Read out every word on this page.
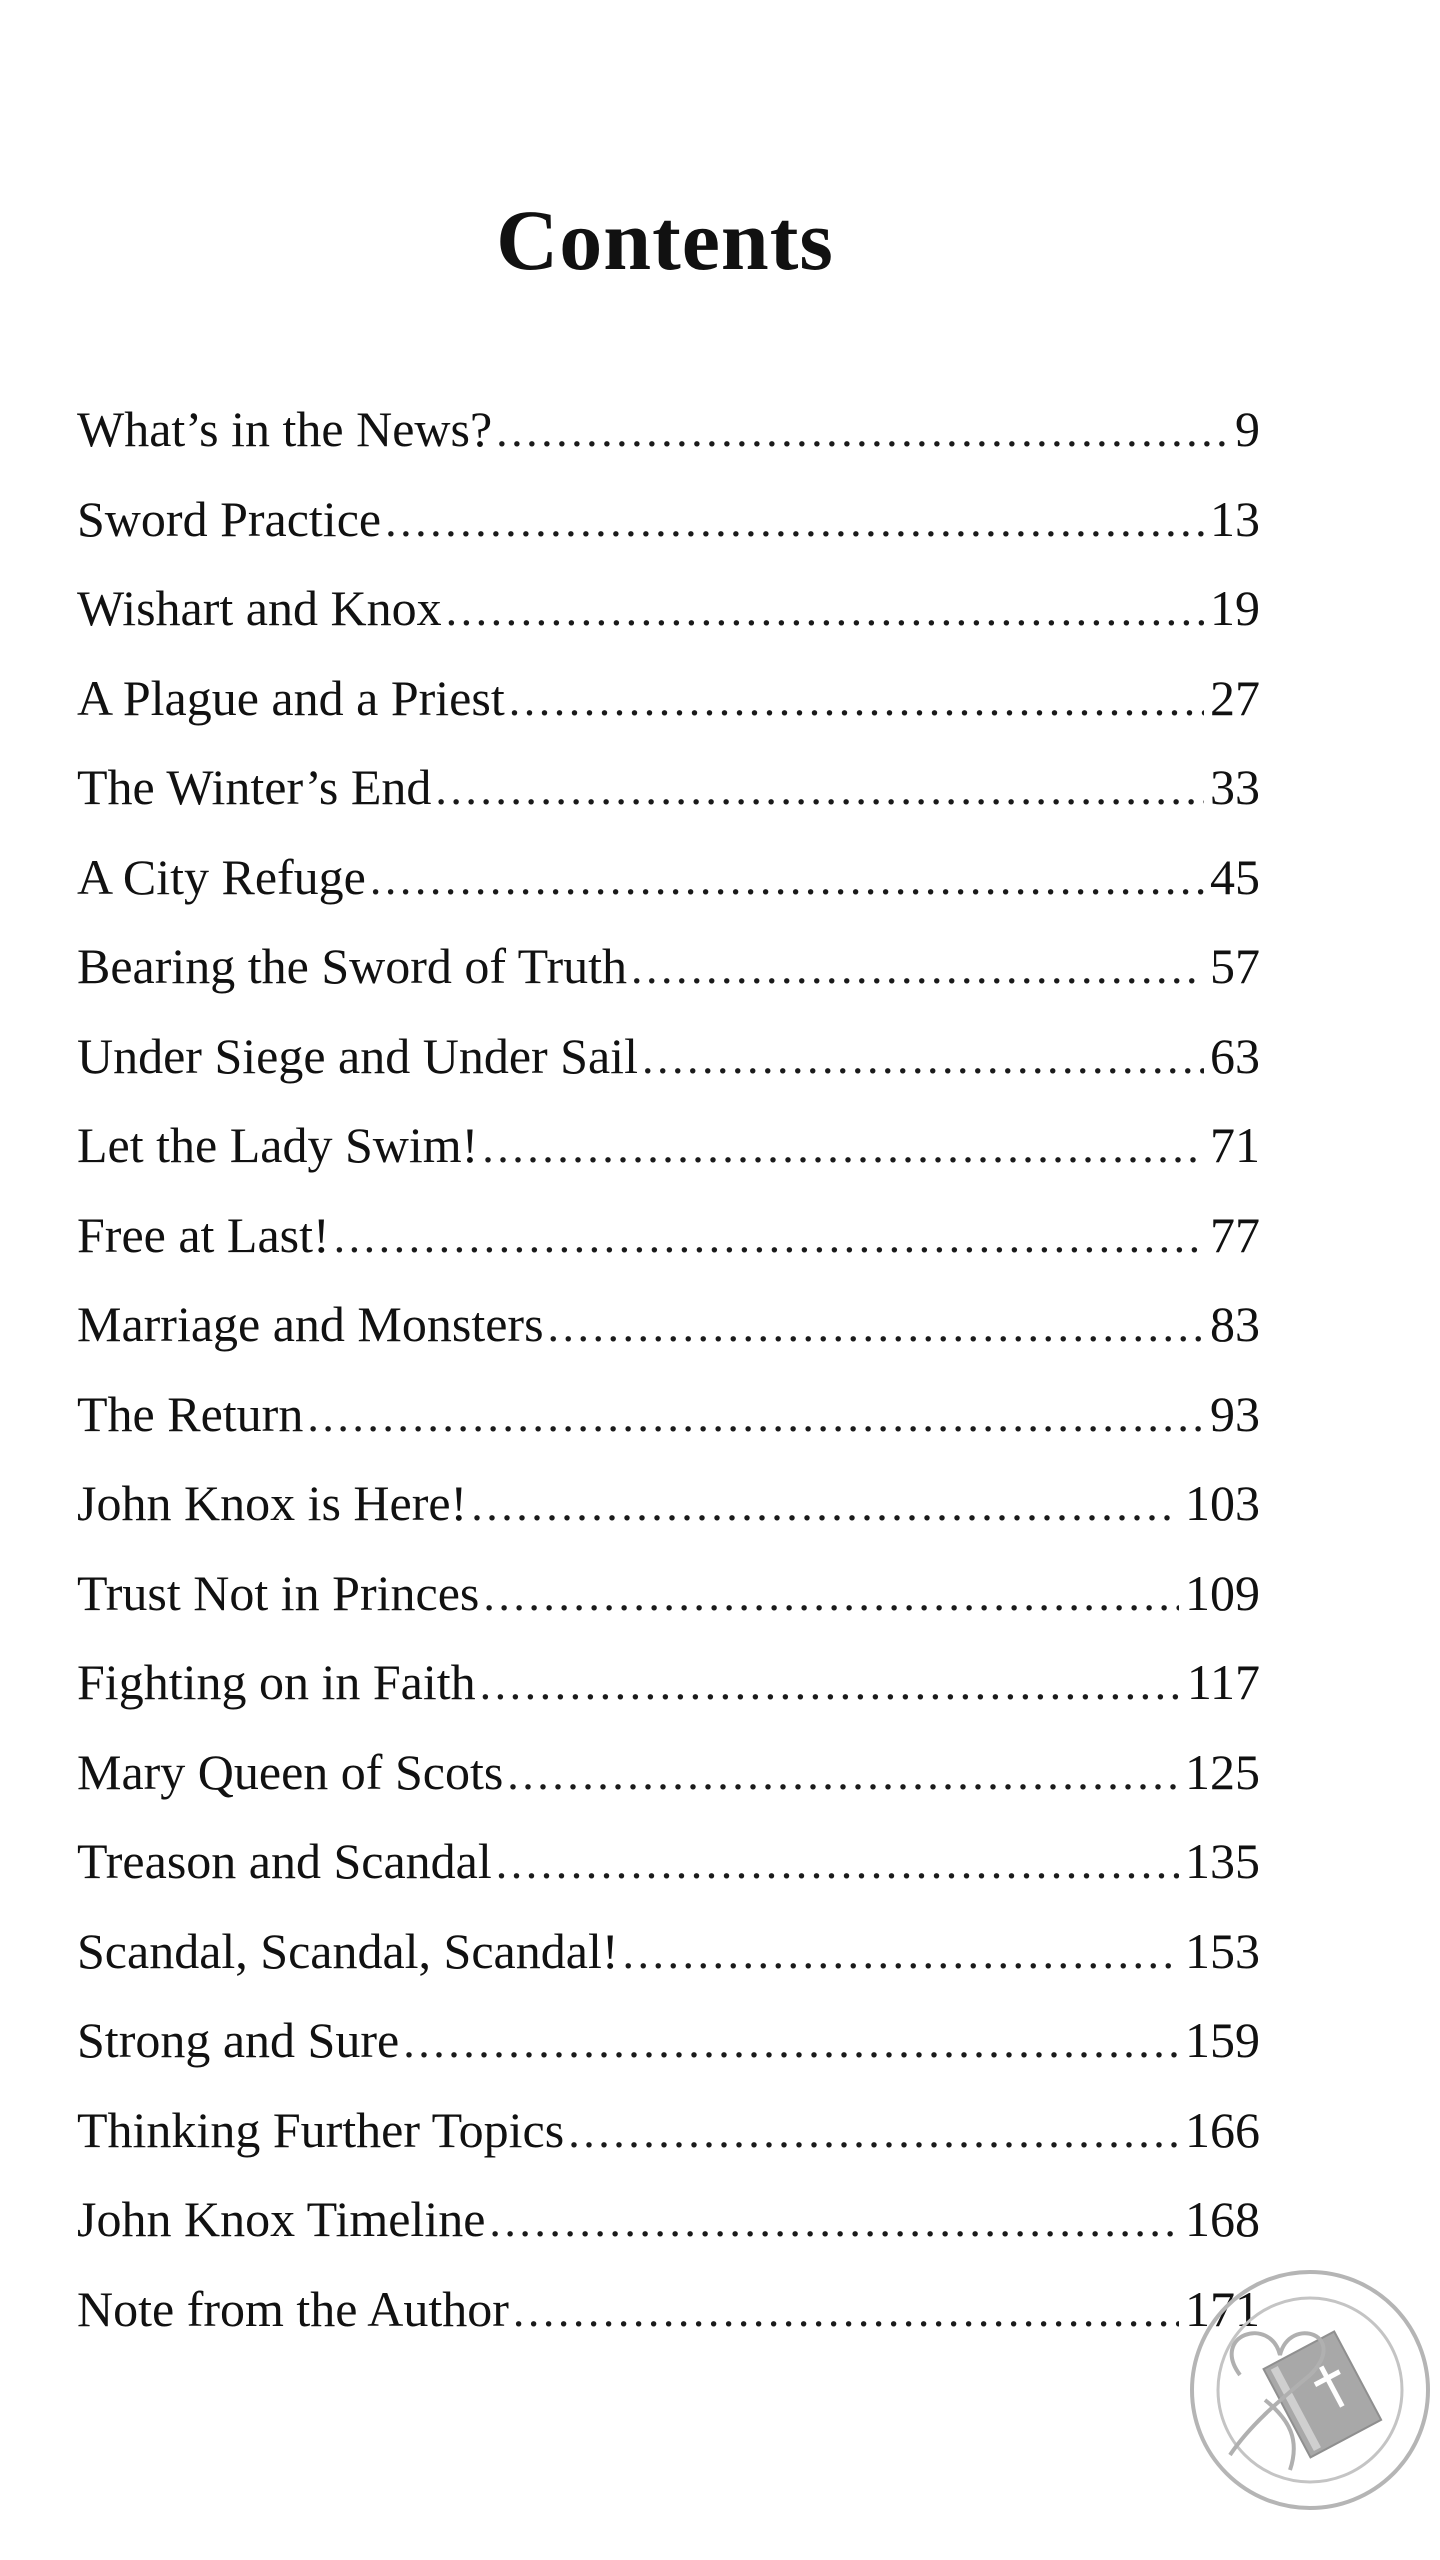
Contents
What’s in the News? . . .	9
Sword Practice . . .	13
Wishart and Knox . . .	19
A Plague and a Priest . . .	27
The Winter’s End . . .	33
A City Refuge . . .	45
Bearing the Sword of Truth . . .	57
Under Siege and Under Sail . . .	63
Let the Lady Swim! . . .	71
Free at Last! . . .	77
Marriage and Monsters . . .	83
The Return . . .	93
John Knox is Here! . . .	103
Trust Not in Princes . . .	109
Fighting on in Faith . . .	117
Mary Queen of Scots . . .	125
Treason and Scandal . . .	135
Scandal, Scandal, Scandal! . . .	153
Strong and Sure . . .	159
Thinking Further Topics . . .	166
John Knox Timeline . . .	168
Note from the Author . . .	171
